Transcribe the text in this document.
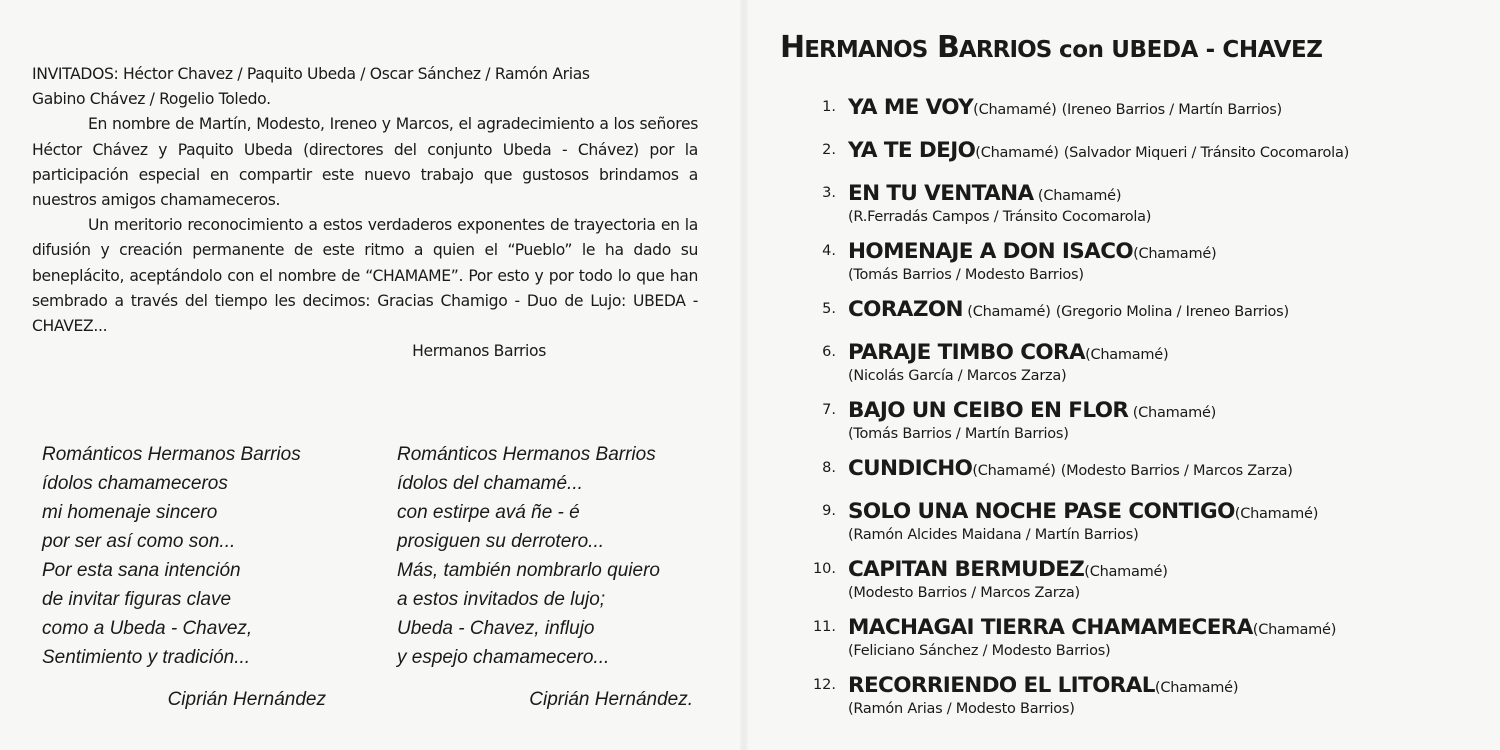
INVITADOS: Héctor Chavez / Paquito Ubeda / Oscar Sánchez / Ramón Arias

Gabino Chávez / Rogelio Toledo.

En nombre de Martín, Modesto, Ireneo y Marcos, el agradecimiento a los señores Héctor Chávez y Paquito Ubeda (directores del conjunto Ubeda - Chávez) por la participación especial en compartir este nuevo trabajo que gustosos brindamos a nuestros amigos chamameceros.

Un meritorio reconocimiento a estos verdaderos exponentes de trayectoria en la difusión y creación permanente de este ritmo a quien el “Pueblo” le ha dado su beneplácito, aceptándolo con el nombre de “CHAMAME”. Por esto y por todo lo que han sembrado a través del tiempo les decimos: Gracias Chamigo - Duo de Lujo: UBEDA - CHAVEZ...

Hermanos Barrios
Románticos Hermanos Barrios
ídolos chamameceros
mi homenaje sincero
por ser así como son...
Por esta sana intención
de invitar figuras clave
como a Ubeda - Chavez,
Sentimiento y tradición...
Ciprián Hernández
Románticos Hermanos Barrios
ídolos del chamamé...
con estirpe avá ñe - é
prosiguen su derrotero...
Más, también nombrarlo quiero
a estos invitados de lujo;
Ubeda - Chavez, influjo
y espejo chamamecero...
Ciprián Hernández.
HERMANOS BARRIOS con UBEDA - CHAVEZ
1. YA ME VOY(Chamamé) (Ireneo Barrios / Martín Barrios)
2. YA TE DEJO(Chamamé) (Salvador Miqueri / Tránsito Cocomarola)
3. EN TU VENTANA (Chamamé)
(R.Ferradás Campos / Tránsito Cocomarola)
4. HOMENAJE A DON ISACO(Chamamé)
(Tomás Barrios / Modesto Barrios)
5. CORAZON (Chamamé) (Gregorio Molina / Ireneo Barrios)
6. PARAJE TIMBO CORA(Chamamé)
(Nicolás García / Marcos Zarza)
7. BAJO UN CEIBO EN FLOR (Chamamé)
(Tomás Barrios / Martín Barrios)
8. CUNDICHO(Chamamé) (Modesto Barrios / Marcos Zarza)
9. SOLO UNA NOCHE PASE CONTIGO(Chamamé)
(Ramón Alcides Maidana / Martín Barrios)
10. CAPITAN BERMUDEZ(Chamamé)
(Modesto Barrios / Marcos Zarza)
11. MACHAGAI TIERRA CHAMAMECERA(Chamamé)
(Feliciano Sánchez / Modesto Barrios)
12. RECORRIENDO EL LITORAL(Chamamé)
(Ramón Arias / Modesto Barrios)
